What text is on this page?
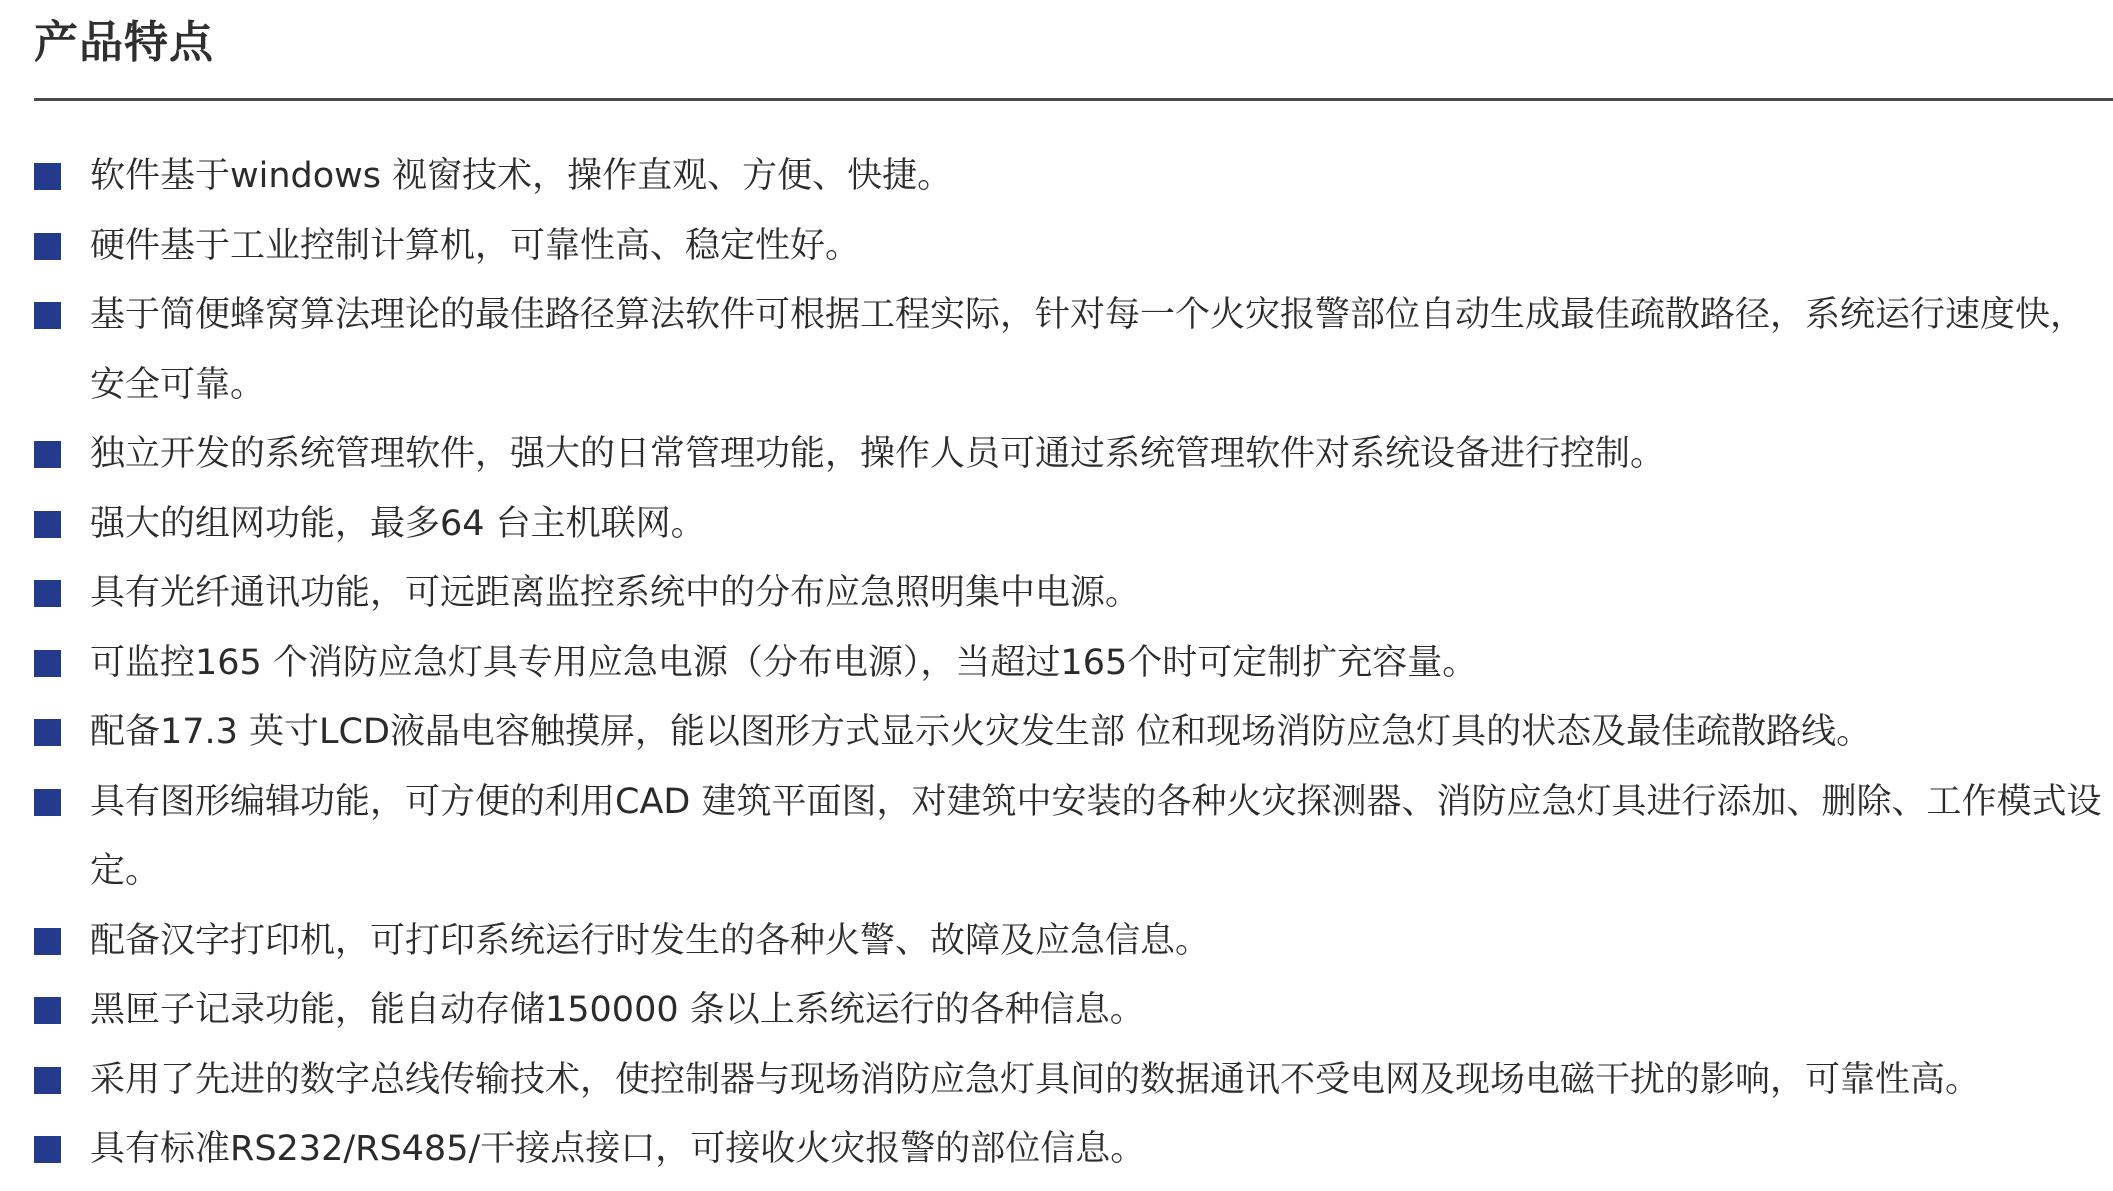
产品特点
软件基于windows 视窗技术，操作直观、方便、快捷。
硬件基于工业控制计算机，可靠性高、稳定性好。
基于简便蜂窝算法理论的最佳路径算法软件可根据工程实际，针对每一个火灾报警部位自动生成最佳疏散路径，系统运行速度快，安全可靠。
独立开发的系统管理软件，强大的日常管理功能，操作人员可通过系统管理软件对系统设备进行控制。
强大的组网功能，最多64 台主机联网。
具有光纤通讯功能，可远距离监控系统中的分布应急照明集中电源。
可监控165 个消防应急灯具专用应急电源（分布电源），当超过165个时可定制扩充容量。
配备17.3 英寸LCD液晶电容触摸屏，能以图形方式显示火灾发生部 位和现场消防应急灯具的状态及最佳疏散路线。
具有图形编辑功能，可方便的利用CAD 建筑平面图，对建筑中安装的各种火灾探测器、消防应急灯具进行添加、删除、工作模式设定。
配备汉字打印机，可打印系统运行时发生的各种火警、故障及应急信息。
黑匣子记录功能，能自动存储150000 条以上系统运行的各种信息。
采用了先进的数字总线传输技术，使控制器与现场消防应急灯具间的数据通讯不受电网及现场电磁干扰的影响，可靠性高。
具有标准RS232/RS485/干接点接口，可接收火灾报警的部位信息。
